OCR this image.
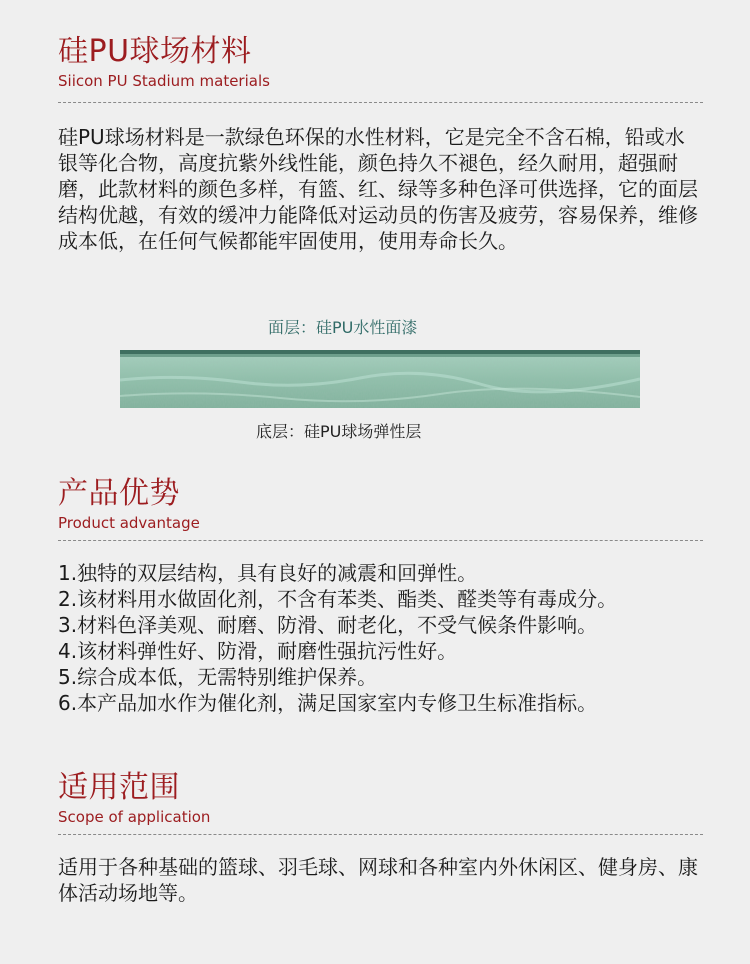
硅PU球场材料
Siicon PU Stadium materials
硅PU球场材料是一款绿色环保的水性材料，它是完全不含石棉，铅或水银等化合物，高度抗紫外线性能，颜色持久不褪色，经久耐用，超强耐磨，此款材料的颜色多样，有篮、红、绿等多种色泽可供选择，它的面层结构优越，有效的缓冲力能降低对运动员的伤害及疲劳，容易保养，维修成本低，在任何气候都能牢固使用，使用寿命长久。
面层：硅PU水性面漆
底层：硅PU球场弹性层
产品优势
Product advantage
1.独特的双层结构，具有良好的减震和回弹性。
2.该材料用水做固化剂，不含有苯类、酯类、醛类等有毒成分。
3.材料色泽美观、耐磨、防滑、耐老化，不受气候条件影响。
4.该材料弹性好、防滑，耐磨性强抗污性好。
5.综合成本低，无需特别维护保养。
6.本产品加水作为催化剂，满足国家室内专修卫生标准指标。
适用范围
Scope of application
适用于各种基础的篮球、羽毛球、网球和各种室内外休闲区、健身房、康体活动场地等。
